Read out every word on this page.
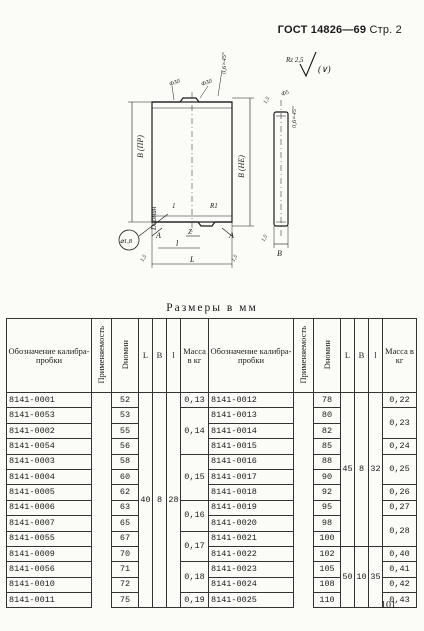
ГОСТ 14826—69 Стр. 2
B (ПР)
B (НЕ)
Dномин
⌀1,8	l
L
Z
A	A
R1
1
B
0,6×45°
0,6×45°
Ф30	Ф30
Ф5
Rz 2,5
(∨)
1,5	1,5
1,5
1,5
Размеры в мм
Обозначение калибра-пробки	Применяемость	Dномин	L	B	l	Масса в кг	Обозначение калибра-пробки	Применяемость	Dномин	L	B	l	Масса в кг
8141-0001		52	40	8	28	0,13	8141-0012		78	45	8	32	0,22
8141-0053		53				0,14	8141-0013		80				0,23
8141-0002		55					8141-0014		82				
8141-0054		56					8141-0015		85				0,24
8141-0003		58				0,15	8141-0016		88				0,25
8141-0004		60					8141-0017		90				
8141-0005		62					8141-0018		92				0,26
8141-0006		63				0,16	8141-0019		95				0,27
8141-0007		65					8141-0020		98				0,28
8141-0055		67				0,17	8141-0021		100				
8141-0009		70					8141-0022		102	50	10	35	0,40
8141-0056		71				0,18	8141-0023		105				0,41
8141-0010		72					8141-0024		108				0,42
8141-0011		75				0,19	8141-0025		110				0,43
101
